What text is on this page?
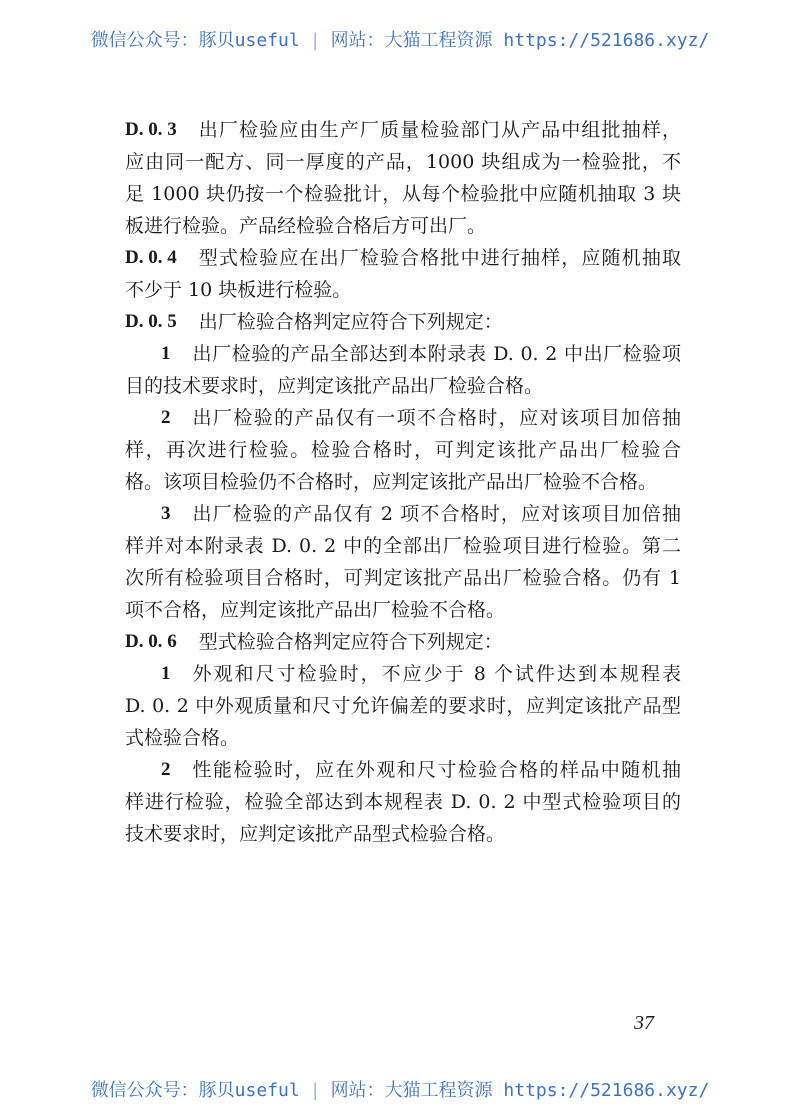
微信公众号：豚贝useful | 网站：大猫工程资源 https://521686.xyz/
D. 0. 3 出厂检验应由生产厂质量检验部门从产品中组批抽样，
应由同一配方、同一厚度的产品，1000 块组成为一检验批，不
足 1000 块仍按一个检验批计，从每个检验批中应随机抽取 3 块
板进行检验。产品经检验合格后方可出厂。
D. 0. 4 型式检验应在出厂检验合格批中进行抽样，应随机抽取
不少于 10 块板进行检验。
D. 0. 5 出厂检验合格判定应符合下列规定：
1 出厂检验的产品全部达到本附录表 D. 0. 2 中出厂检验项
目的技术要求时，应判定该批产品出厂检验合格。
2 出厂检验的产品仅有一项不合格时，应对该项目加倍抽
样，再次进行检验。检验合格时，可判定该批产品出厂检验合
格。该项目检验仍不合格时，应判定该批产品出厂检验不合格。
3 出厂检验的产品仅有 2 项不合格时，应对该项目加倍抽
样并对本附录表 D. 0. 2 中的全部出厂检验项目进行检验。第二
次所有检验项目合格时，可判定该批产品出厂检验合格。仍有 1
项不合格，应判定该批产品出厂检验不合格。
D. 0. 6 型式检验合格判定应符合下列规定：
1 外观和尺寸检验时，不应少于 8 个试件达到本规程表
D. 0. 2 中外观质量和尺寸允许偏差的要求时，应判定该批产品型
式检验合格。
2 性能检验时，应在外观和尺寸检验合格的样品中随机抽
样进行检验，检验全部达到本规程表 D. 0. 2 中型式检验项目的
技术要求时，应判定该批产品型式检验合格。
37
微信公众号：豚贝useful | 网站：大猫工程资源 https://521686.xyz/
